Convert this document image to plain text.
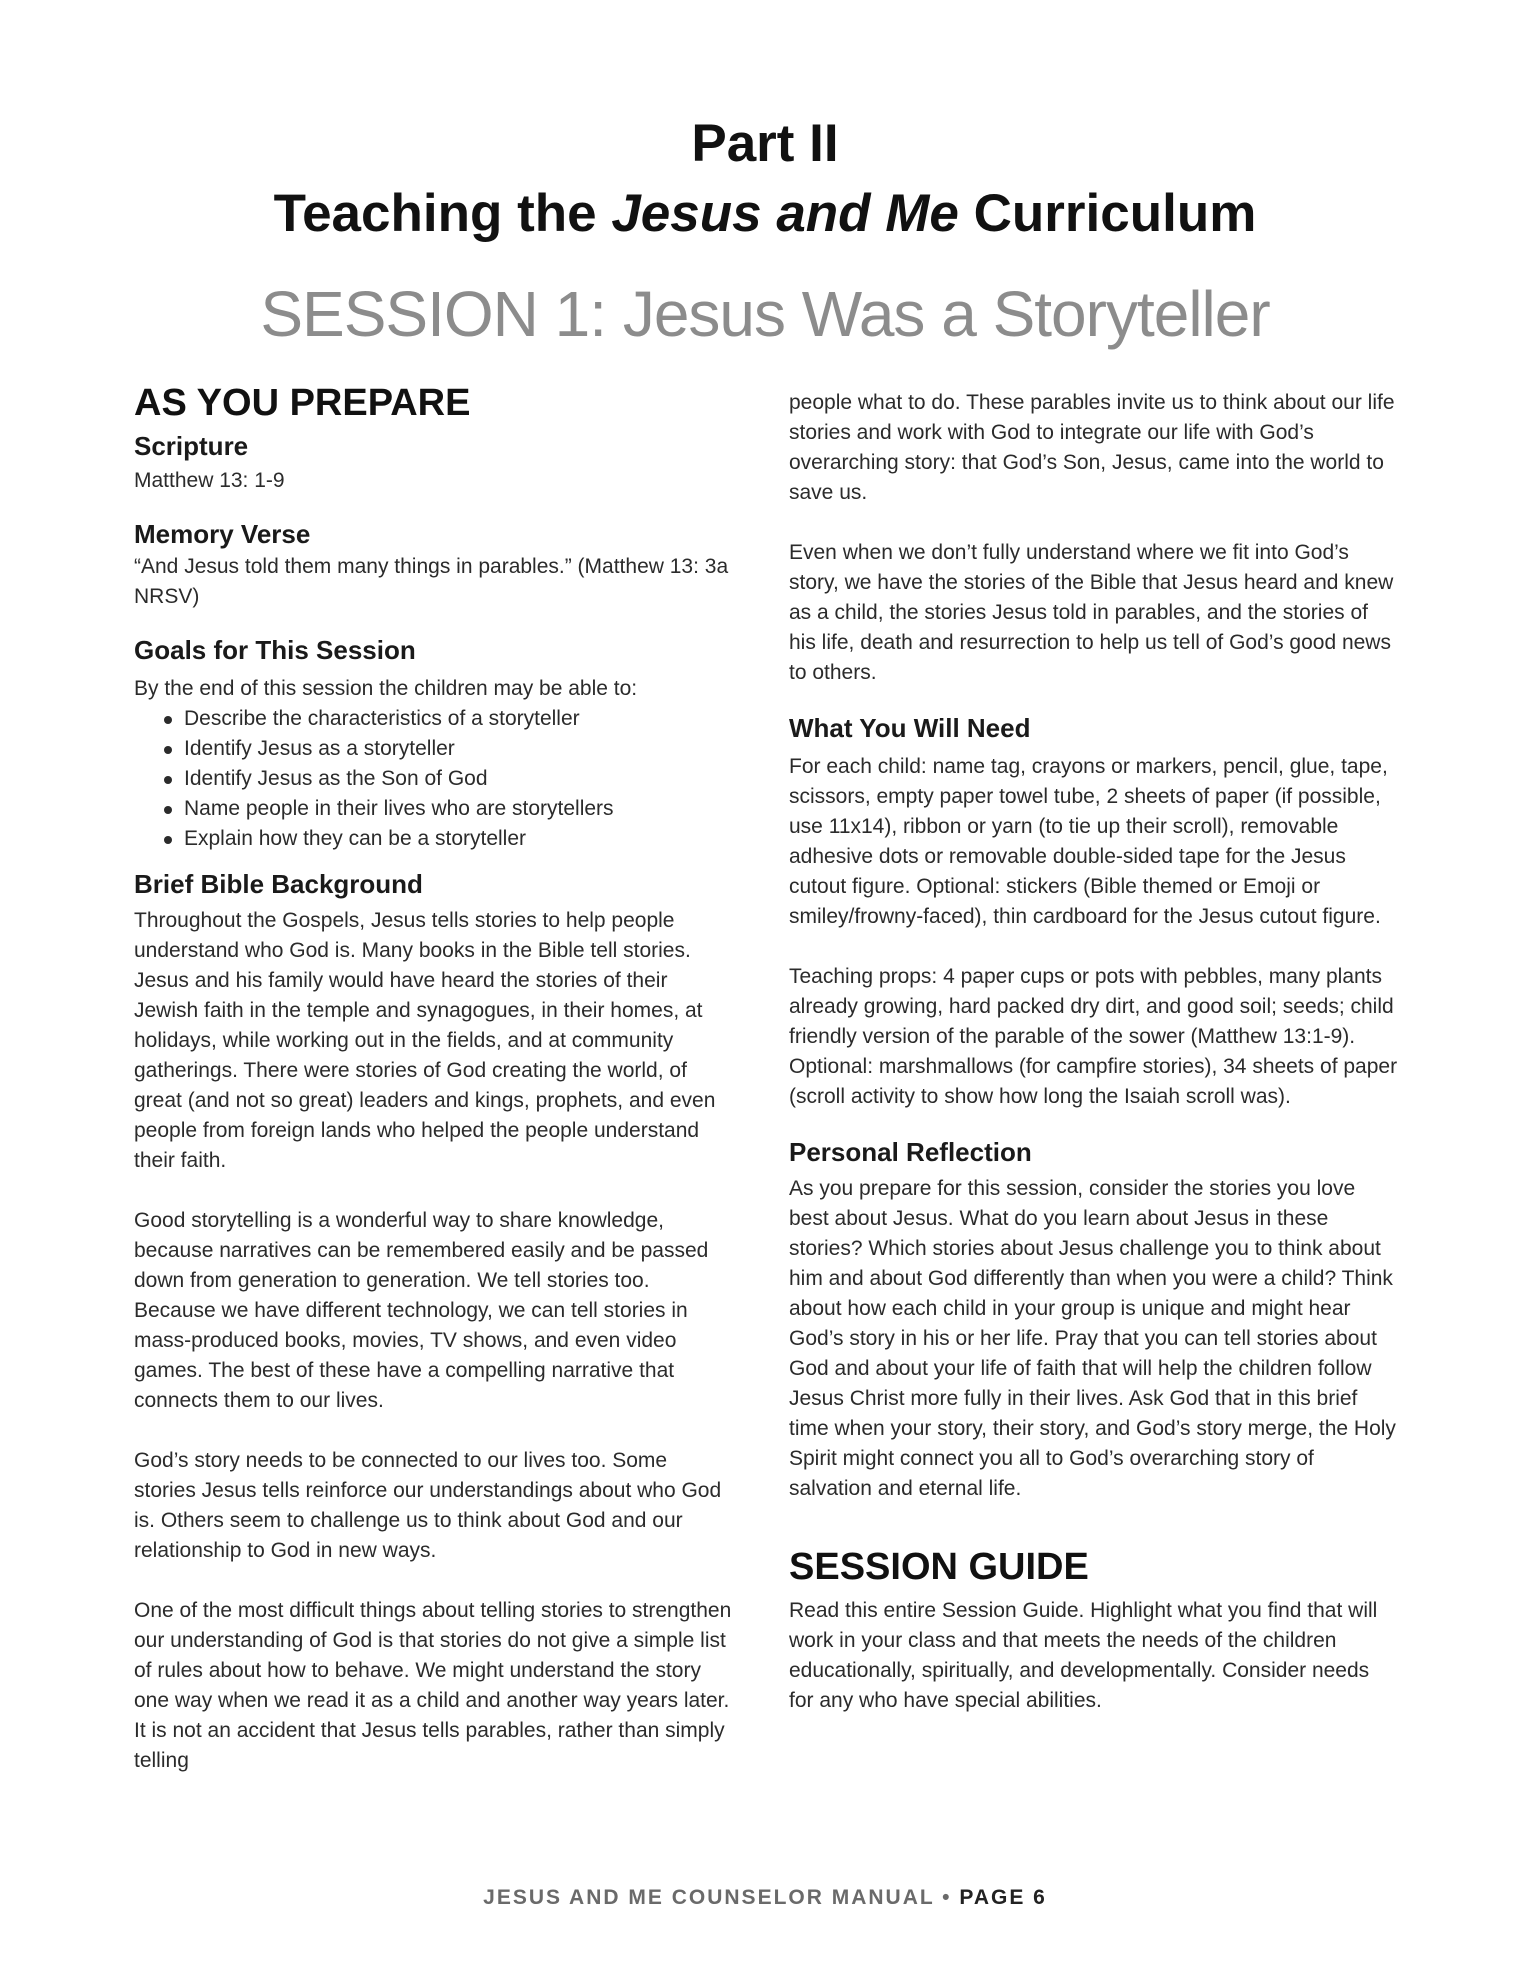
Part II
Teaching the Jesus and Me Curriculum
SESSION 1: Jesus Was a Storyteller
AS YOU PREPARE
Scripture

Matthew 13: 1-9

Memory Verse

“And Jesus told them many things in parables.” (Matthew 13: 3a NRSV)

Goals for This Session

By the end of this session the children may be able to:

Describe the characteristics of a storyteller
Identify Jesus as a storyteller
Identify Jesus as the Son of God
Name people in their lives who are storytellers
Explain how they can be a storyteller
Brief Bible Background

Throughout the Gospels, Jesus tells stories to help people understand who God is. Many books in the Bible tell stories. Jesus and his family would have heard the stories of their Jewish faith in the temple and synagogues, in their homes, at holidays, while working out in the fields, and at community gatherings. There were stories of God creating the world, of great (and not so great) leaders and kings, prophets, and even people from foreign lands who helped the people understand their faith.

Good storytelling is a wonderful way to share knowledge, because narratives can be remembered easily and be passed down from generation to generation. We tell stories too. Because we have different technology, we can tell stories in mass-produced books, movies, TV shows, and even video games. The best of these have a compelling narrative that connects them to our lives.

God’s story needs to be connected to our lives too. Some stories Jesus tells reinforce our understandings about who God is. Others seem to challenge us to think about God and our relationship to God in new ways.

One of the most difficult things about telling stories to strengthen our understanding of God is that stories do not give a simple list of rules about how to behave. We might understand the story one way when we read it as a child and another way years later. It is not an accident that Jesus tells parables, rather than simply telling

people what to do. These parables invite us to think about our life stories and work with God to integrate our life with God’s overarching story: that God’s Son, Jesus, came into the world to save us.

Even when we don’t fully understand where we fit into God’s story, we have the stories of the Bible that Jesus heard and knew as a child, the stories Jesus told in parables, and the stories of his life, death and resurrection to help us tell of God’s good news to others.

What You Will Need

For each child: name tag, crayons or markers, pencil, glue, tape, scissors, empty paper towel tube, 2 sheets of paper (if possible, use 11x14), ribbon or yarn (to tie up their scroll), removable adhesive dots or removable double-sided tape for the Jesus cutout figure. Optional: stickers (Bible themed or Emoji or smiley/frowny-faced), thin cardboard for the Jesus cutout figure.

Teaching props: 4 paper cups or pots with pebbles, many plants already growing, hard packed dry dirt, and good soil; seeds; child friendly version of the parable of the sower (Matthew 13:1-9). Optional: marshmallows (for campfire stories), 34 sheets of paper (scroll activity to show how long the Isaiah scroll was).

Personal Reflection

As you prepare for this session, consider the stories you love best about Jesus. What do you learn about Jesus in these stories? Which stories about Jesus challenge you to think about him and about God differently than when you were a child? Think about how each child in your group is unique and might hear God’s story in his or her life. Pray that you can tell stories about God and about your life of faith that will help the children follow Jesus Christ more fully in their lives. Ask God that in this brief time when your story, their story, and God’s story merge, the Holy Spirit might connect you all to God’s overarching story of salvation and eternal life.

SESSION GUIDE

Read this entire Session Guide. Highlight what you find that will work in your class and that meets the needs of the children educationally, spiritually, and developmentally. Consider needs for any who have special abilities.

JESUS AND ME COUNSELOR MANUAL • PAGE 6
